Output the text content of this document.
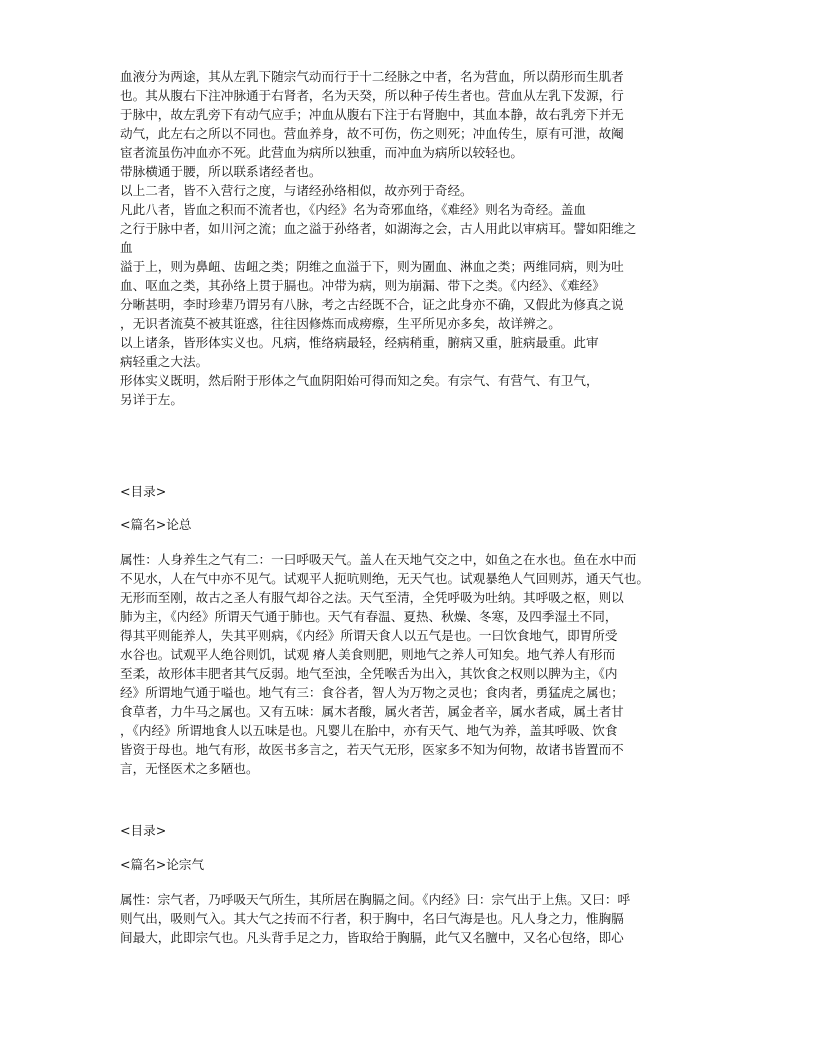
血液分为两途，其从左乳下随宗气动而行于十二经脉之中者，名为营血，所以荫形而生肌者

也。其从腹右下注冲脉通于右肾者，名为天癸，所以种子传生者也。营血从左乳下发源，行

于脉中，故左乳旁下有动气应手；冲血从腹右下注于右肾胞中，其血本静，故右乳旁下并无

动气，此左右之所以不同也。营血养身，故不可伤，伤之则死；冲血传生，原有可泄，故阉

宦者流虽伤冲血亦不死。此营血为病所以独重，而冲血为病所以较轻也。

带脉横通于腰，所以联系诸经者也。

以上二者，皆不入营行之度，与诸经孙络相似，故亦列于奇经。

凡此八者，皆血之积而不流者也，《内经》名为奇邪血络，《难经》则名为奇经。盖血

之行于脉中者，如川河之流；血之溢于孙络者，如湖海之会，古人用此以审病耳。譬如阳维之

血

溢于上，则为鼻衄、齿衄之类；阴维之血溢于下，则为圊血、淋血之类；两维同病，则为吐

血、呕血之类，其孙络上贯于膈也。冲带为病，则为崩漏、带下之类。《内经》、《难经》

分晰甚明，李时珍辈乃谓另有八脉，考之古经既不合，证之此身亦不确，又假此为修真之说

，无识者流莫不被其诳惑，往往因修炼而成痨瘵，生平所见亦多矣，故详辨之。

以上诸条，皆形体实义也。凡病，惟络病最轻，经病稍重，腑病又重，脏病最重。此审

病轻重之大法。

形体实义既明，然后附于形体之气血阴阳始可得而知之矣。有宗气、有营气、有卫气，

另详于左。

<目录>

<篇名>论总

属性：人身养生之气有二：一曰呼吸天气。盖人在天地气交之中，如鱼之在水也。鱼在水中而

不见水，人在气中亦不见气。试观平人扼吭则绝，无天气也。试观暴绝人气回则苏，通天气也。

无形而至刚，故古之圣人有服气却谷之法。天气至清，全凭呼吸为吐纳。其呼吸之枢，则以

肺为主，《内经》所谓天气通于肺也。天气有春温、夏热、秋燥、冬寒，及四季湿土不同，

得其平则能养人，失其平则病，《内经》所谓天食人以五气是也。一曰饮食地气，即胃所受

水谷也。试观平人绝谷则饥，试观 瘠人美食则肥，则地气之养人可知矣。地气养人有形而

至柔，故形体丰肥者其气反弱。地气至浊，全凭喉舌为出入，其饮食之权则以脾为主，《内

经》所谓地气通于嗌也。地气有三：食谷者，智人为万物之灵也；食肉者，勇猛虎之属也；

食草者，力牛马之属也。又有五味：属木者酸，属火者苦，属金者辛，属水者咸，属土者甘

，《内经》所谓地食人以五味是也。凡婴儿在胎中，亦有天气、地气为养，盖其呼吸、饮食

皆资于母也。地气有形，故医书多言之，若天气无形，医家多不知为何物，故诸书皆置而不

言，无怪医术之多陋也。

<目录>

<篇名>论宗气

属性：宗气者，乃呼吸天气所生，其所居在胸膈之间。《内经》曰：宗气出于上焦。又曰：呼

则气出，吸则气入。其大气之抟而不行者，积于胸中，名曰气海是也。凡人身之力，惟胸膈

间最大，此即宗气也。凡头背手足之力，皆取给于胸膈，此气又名膻中，又名心包络，即心
